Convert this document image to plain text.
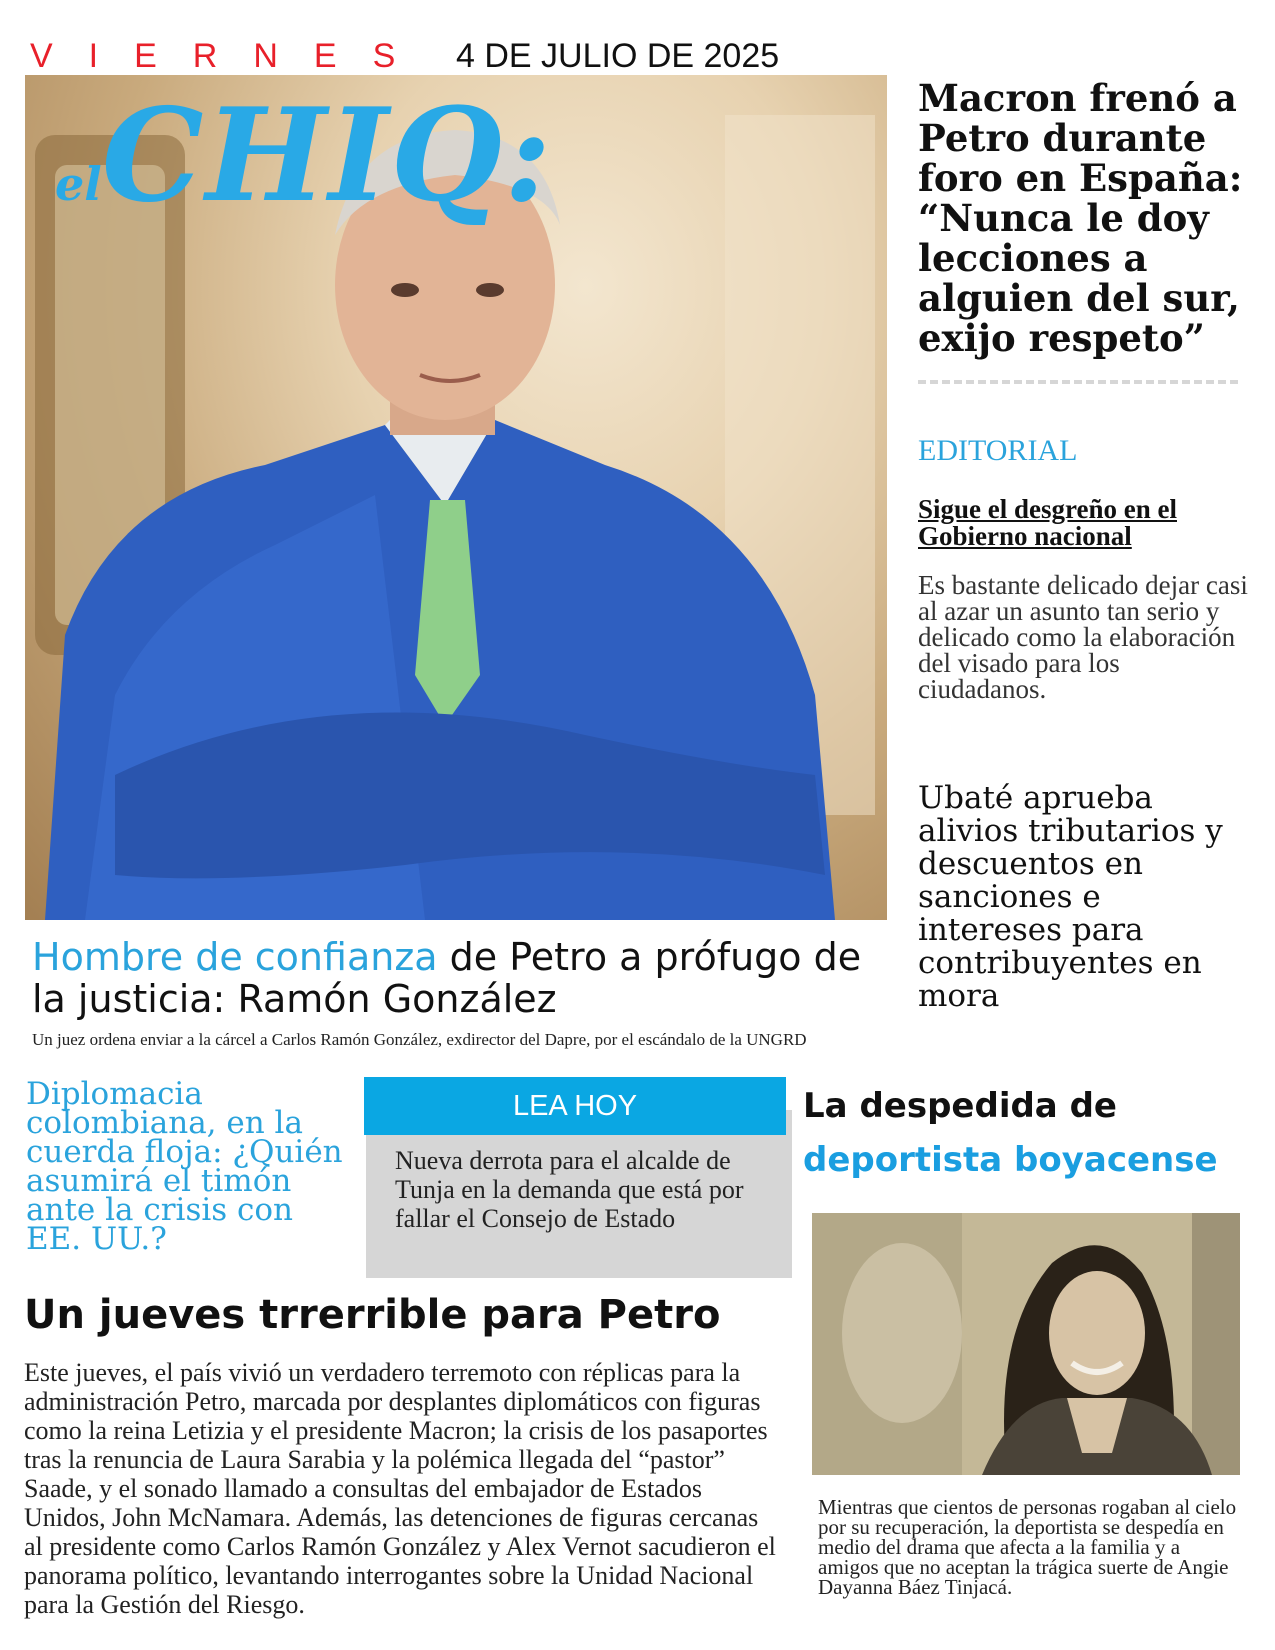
VIERNES 4 DE JULIO DE 2025
elCHIQ:	Macron frenó a Petro durante foro en España: “Nunca le doy lecciones a alguien del sur, exijo respeto”
EDITORIAL
Sigue el desgreño en el Gobierno nacional
Es bastante delicado dejar casi al azar un asunto tan serio y delicado como la elaboración del visado para los ciudadanos.
Ubaté aprueba alivios tributarios y descuentos en sanciones e intereses para contribuyentes en mora
Hombre de confianza de Petro a prófugo de la justicia: Ramón González
Un juez ordena enviar a la cárcel a Carlos Ramón González, exdirector del Dapre, por el escándalo de la UNGRD
Diplomacia colombiana, en la cuerda floja: ¿Quién asumirá el timón ante la crisis con EE. UU.?
LEA HOY
Nueva derrota para el alcalde de Tunja en la demanda que está por fallar el Consejo de Estado
La despedida de
deportista boyacense
Mientras que cientos de personas rogaban al cielo por su recuperación, la deportista se despedía en medio del drama que afecta a la familia y a amigos que no aceptan la trágica suerte de Angie Dayanna Báez Tinjacá.
Un jueves trrerrible para Petro
Este jueves, el país vivió un verdadero terremoto con réplicas para la administración Petro, marcada por desplantes diplomáticos con figuras como la reina Letizia y el presidente Macron; la crisis de los pasaportes tras la renuncia de Laura Sarabia y la polémica llegada del “pastor” Saade, y el sonado llamado a consultas del embajador de Estados Unidos, John McNamara. Además, las detenciones de figuras cercanas al presidente como Carlos Ramón González y Alex Vernot sacudieron el panorama político, levantando interrogantes sobre la Unidad Nacional para la Gestión del Riesgo.
